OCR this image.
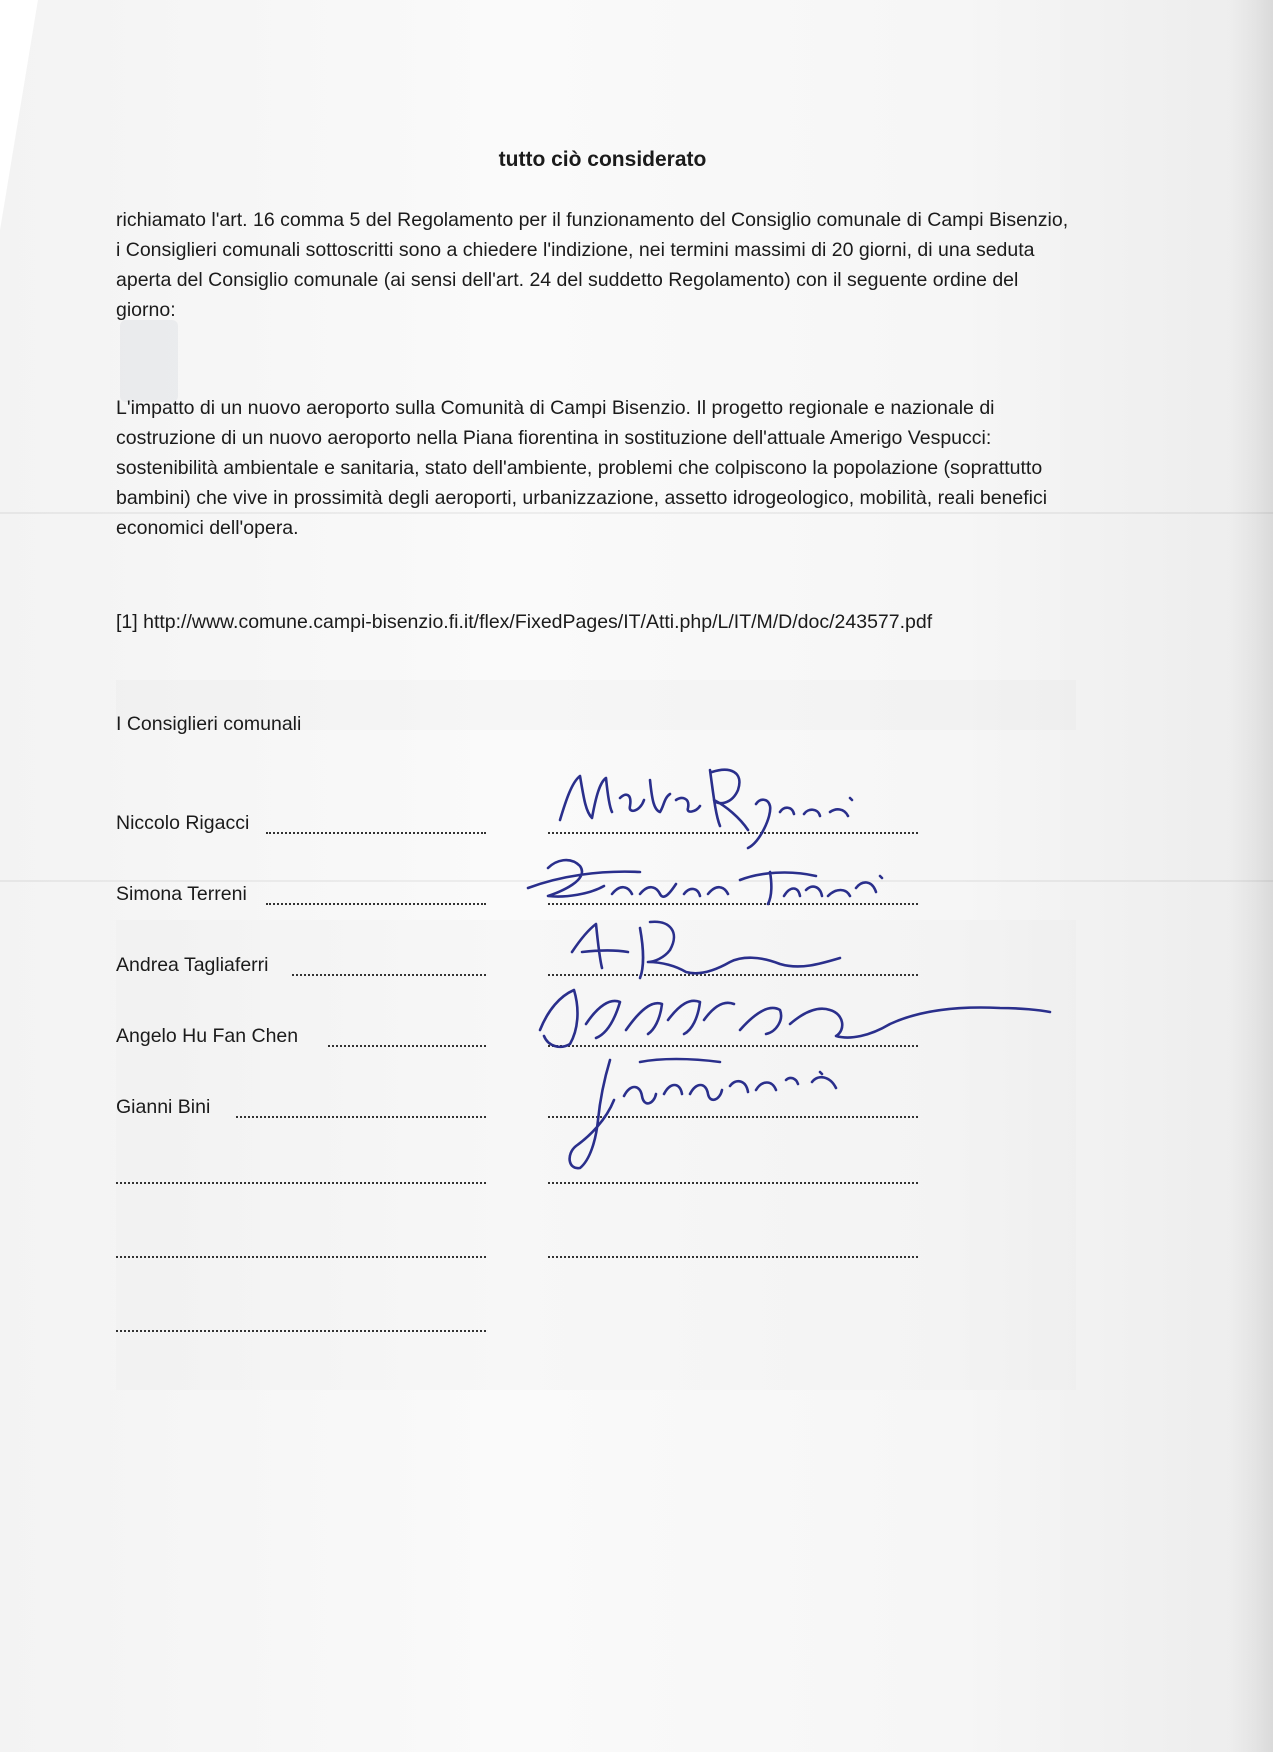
tutto ciò considerato

richiamato l'art. 16 comma 5 del Regolamento per il funzionamento del Consiglio comunale di Campi Bisenzio, i Consiglieri comunali sottoscritti sono a chiedere l'indizione, nei termini massimi di 20 giorni, di una seduta aperta del Consiglio comunale (ai sensi dell'art. 24 del suddetto Regolamento) con il seguente ordine del giorno:

L'impatto di un nuovo aeroporto sulla Comunità di Campi Bisenzio. Il progetto regionale e nazionale di costruzione di un nuovo aeroporto nella Piana fiorentina in sostituzione dell'attuale Amerigo Vespucci: sostenibilità ambientale e sanitaria, stato dell'ambiente, problemi che colpiscono la popolazione (soprattutto bambini) che vive in prossimità degli aeroporti, urbanizzazione, assetto idrogeologico, mobilità, reali benefici economici dell'opera.

[1] http://www.comune.campi-bisenzio.fi.it/flex/FixedPages/IT/Atti.php/L/IT/M/D/doc/243577.pdf
I Consiglieri comunali
Niccolo Rigacci
Simona Terreni
Andrea Tagliaferri
Angelo Hu Fan Chen
Gianni Bini
